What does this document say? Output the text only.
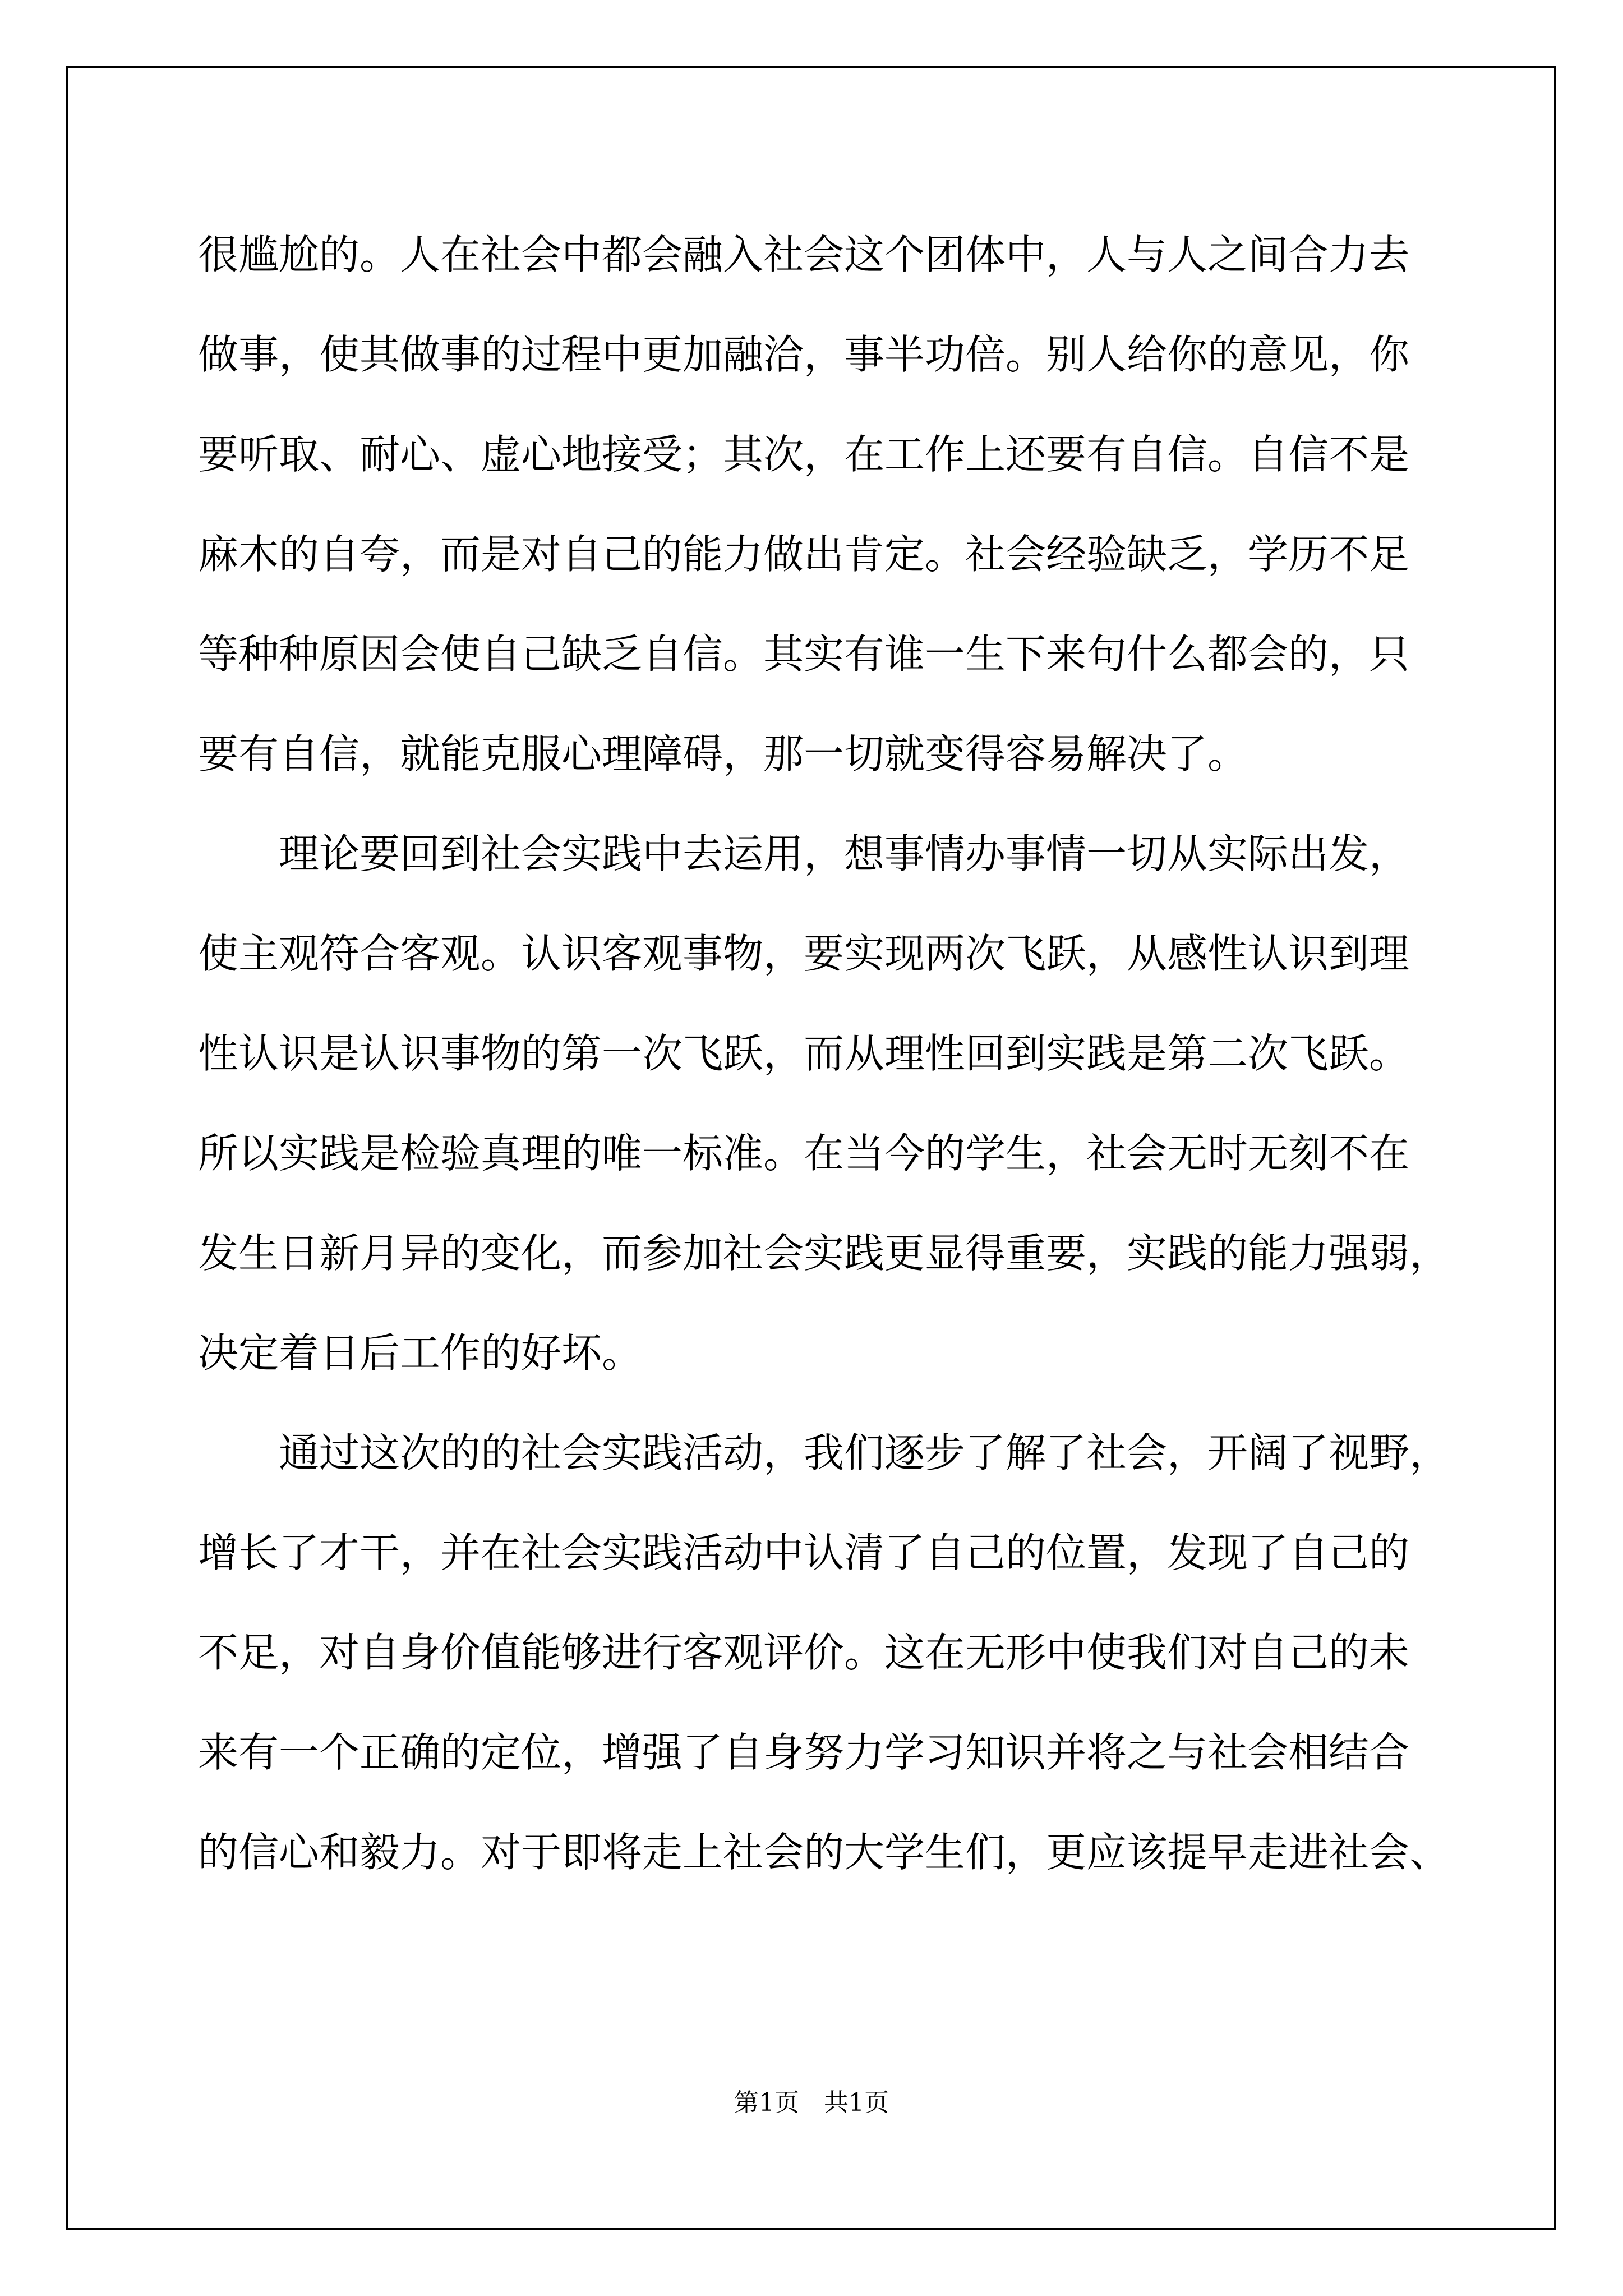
很尴尬的。人在社会中都会融入社会这个团体中，人与人之间合力去
做事，使其做事的过程中更加融洽，事半功倍。别人给你的意见，你
要听取、耐心、虚心地接受；其次，在工作上还要有自信。自信不是
麻木的自夸，而是对自己的能力做出肯定。社会经验缺乏，学历不足
等种种原因会使自己缺乏自信。其实有谁一生下来句什么都会的，只
要有自信，就能克服心理障碍，那一切就变得容易解决了。
理论要回到社会实践中去运用，想事情办事情一切从实际出发，
使主观符合客观。认识客观事物，要实现两次飞跃，从感性认识到理
性认识是认识事物的第一次飞跃，而从理性回到实践是第二次飞跃。
所以实践是检验真理的唯一标准。在当今的学生，社会无时无刻不在
发生日新月异的变化，而参加社会实践更显得重要，实践的能力强弱，
决定着日后工作的好坏。
通过这次的的社会实践活动，我们逐步了解了社会，开阔了视野，
增长了才干，并在社会实践活动中认清了自己的位置，发现了自己的
不足，对自身价值能够进行客观评价。这在无形中使我们对自己的未
来有一个正确的定位，增强了自身努力学习知识并将之与社会相结合
的信心和毅力。对于即将走上社会的大学生们，更应该提早走进社会、
第1页 共1页
